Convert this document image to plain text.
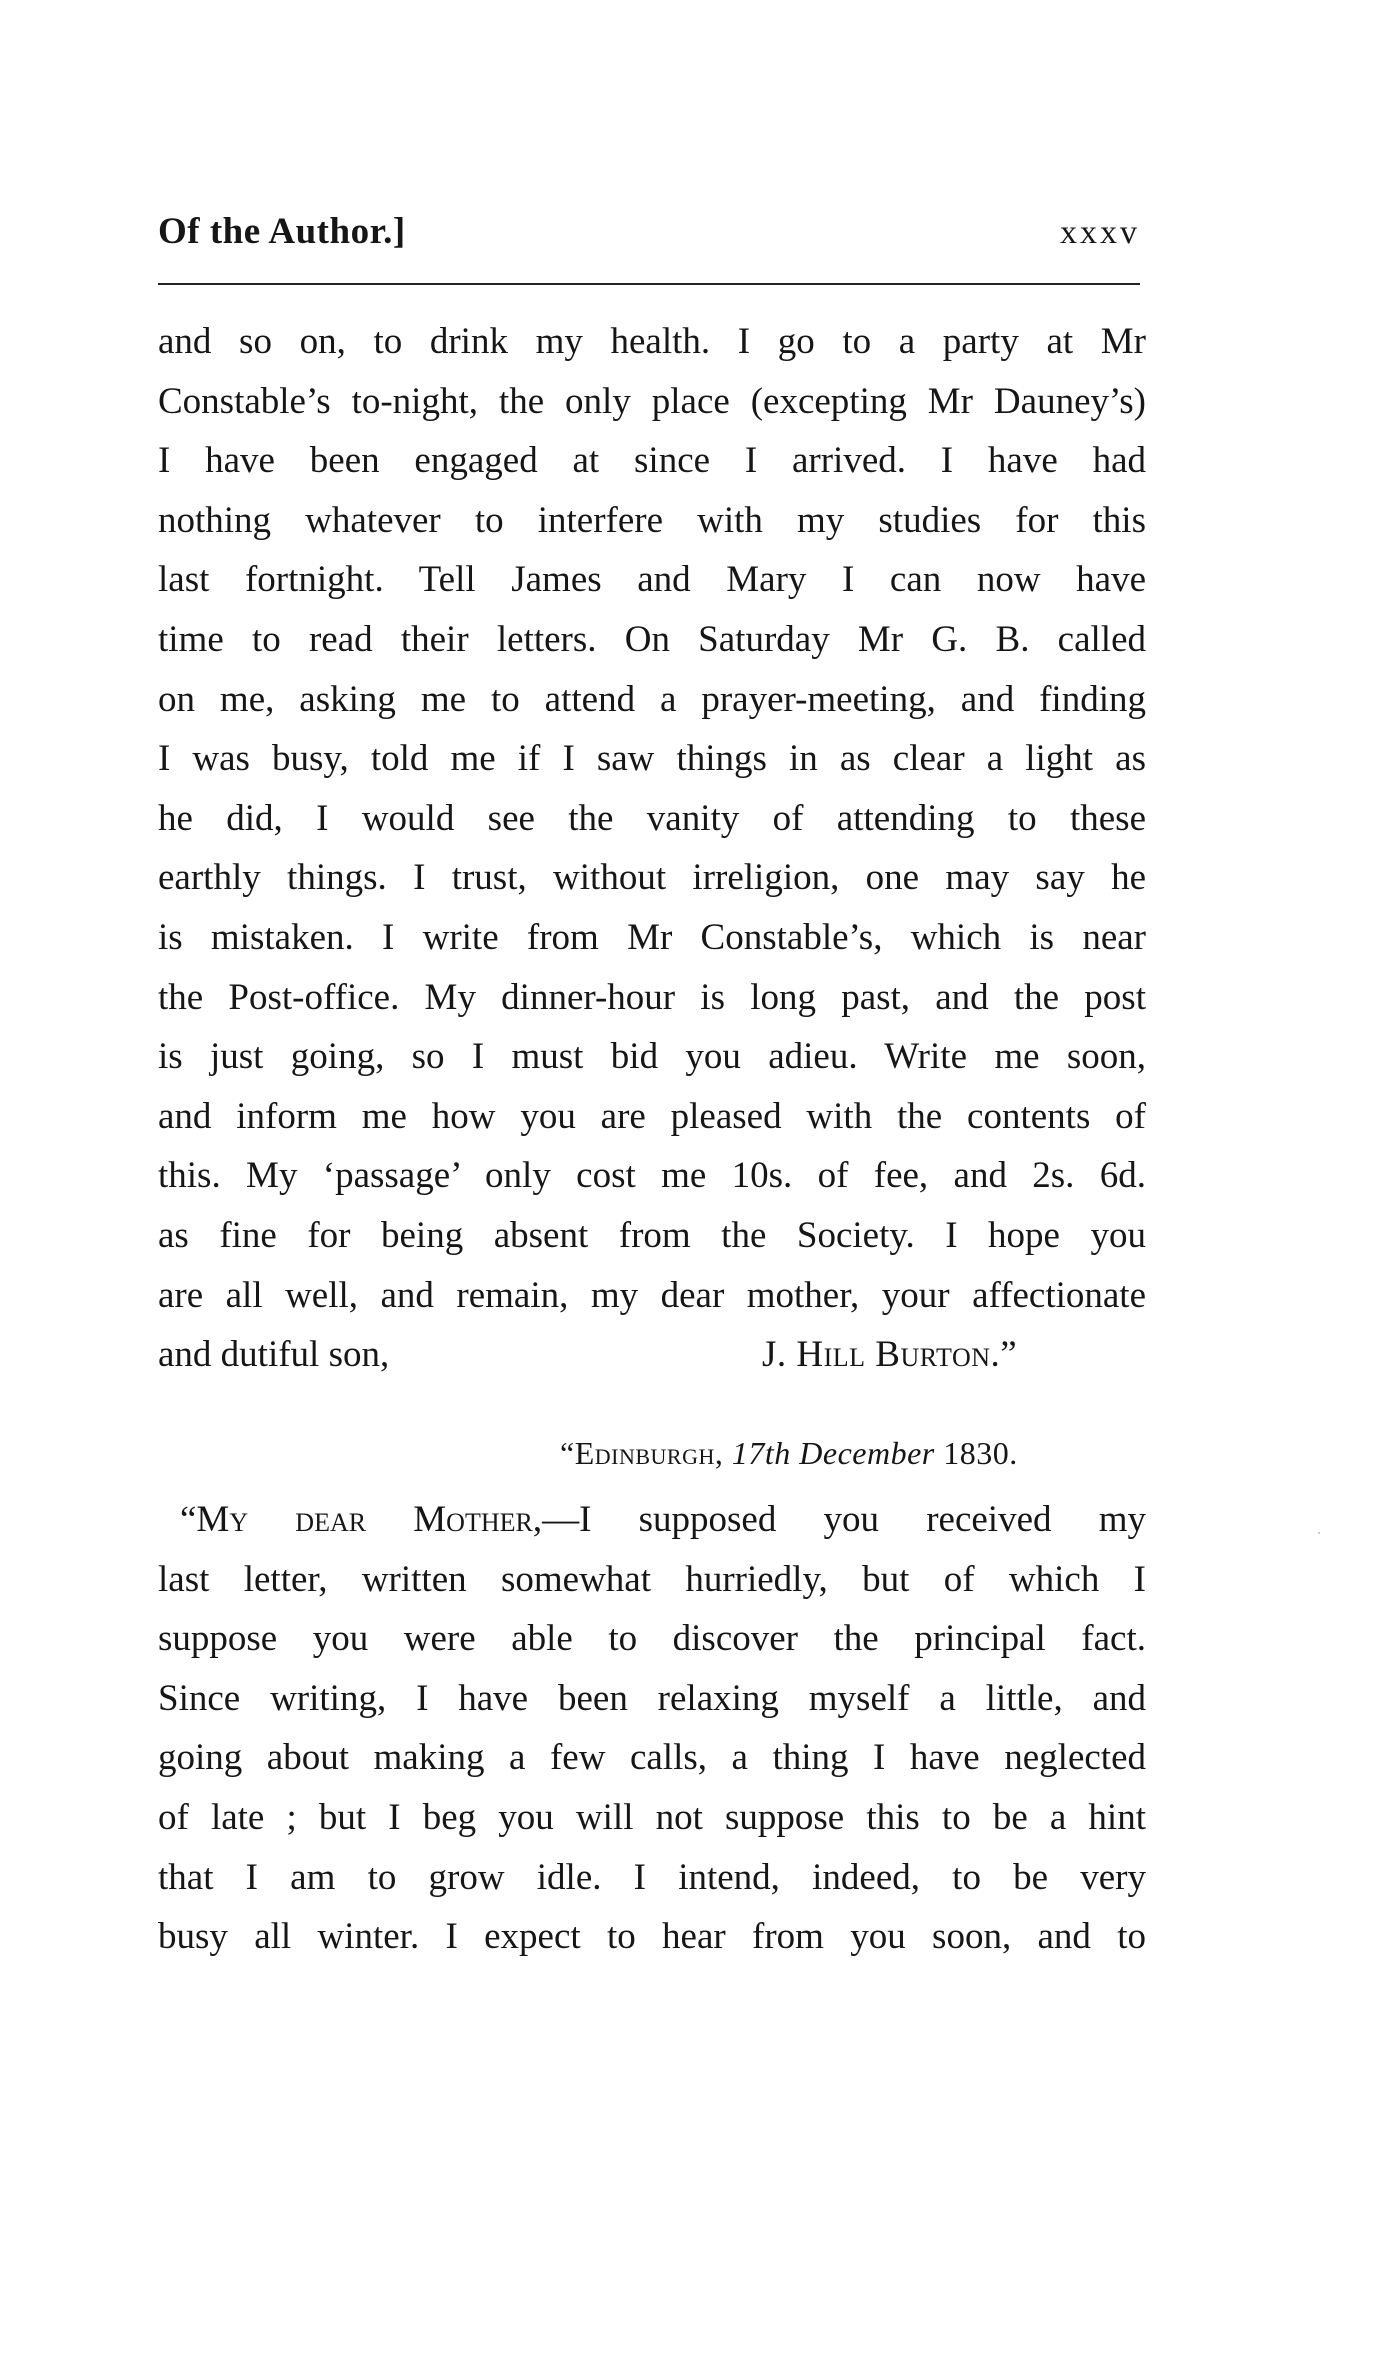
Of the Author.]	xxxv
and so on, to drink my health. I go to a party at Mr
Constable’s to-night, the only place (excepting Mr Dauney’s)
I have been engaged at since I arrived. I have had
nothing whatever to interfere with my studies for this
last fortnight. Tell James and Mary I can now have
time to read their letters. On Saturday Mr G. B. called
on me, asking me to attend a prayer-meeting, and finding
I was busy, told me if I saw things in as clear a light as
he did, I would see the vanity of attending to these
earthly things. I trust, without irreligion, one may say he
is mistaken. I write from Mr Constable’s, which is near
the Post-office. My dinner-hour is long past, and the post
is just going, so I must bid you adieu. Write me soon,
and inform me how you are pleased with the contents of
this. My ‘passage’ only cost me 10s. of fee, and 2s. 6d.
as fine for being absent from the Society. I hope you
are all well, and remain, my dear mother, your affectionate
and dutiful son,	J. Hill Burton.”
“Edinburgh, 17th December 1830.
“My dear Mother,—I supposed you received my
last letter, written somewhat hurriedly, but of which I
suppose you were able to discover the principal fact.
Since writing, I have been relaxing myself a little, and
going about making a few calls, a thing I have neglected
of late ; but I beg you will not suppose this to be a hint
that I am to grow idle. I intend, indeed, to be very
busy all winter. I expect to hear from you soon, and to
